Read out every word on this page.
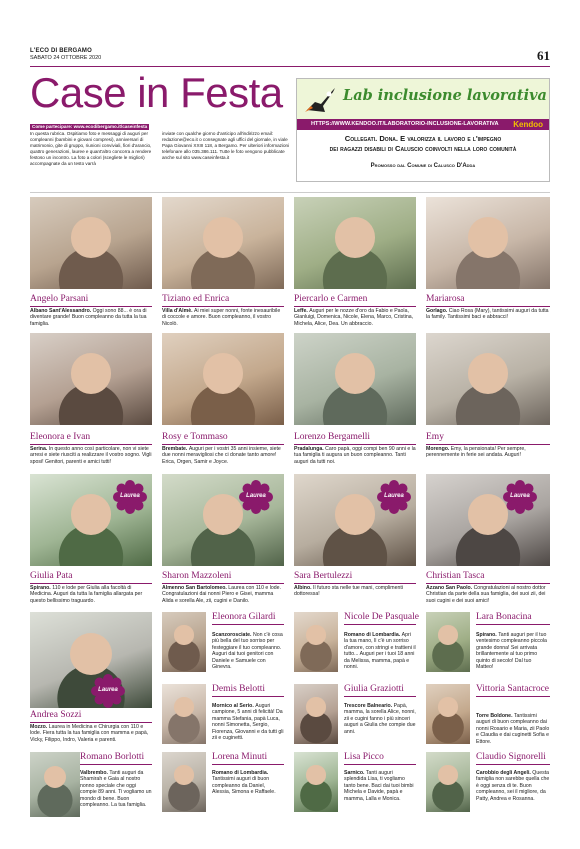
L'ECO DI BERGAMO
SABATO 24 OTTOBRE 2020	61
Case in Festa
Come partecipare: www.ecodibergamo.it/caseinfesta
In questa rubrica. Ospitiamo foto e messaggi di auguri per compleanni (bambini e giovani compresi), anniversari di matrimonio, gite di gruppo, riunioni conviviali, fiori d'arancio, quattro generazioni, lauree e quant'altro concorra a rendere festoso un incontro. La foto a colori (scegliete le migliori) accompagnate da un testo varrà
inviate con qualche giorno d'anticipo all'indirizzo email: redazione@eco.it o consegnate agli uffici del giornale, in viale Papa Giovanni XXIII 118, a Bergamo. Per ulteriori informazioni telefonare allo 035.386.111. Tutte le foto vengono pubblicate anche sul sito www.caseinfesta.it
Lab inclusione lavorativa
HTTPS://WWW.KENDOO.IT/LABORATORIO-INCLUSIONE-LAVORATIVA	Kendoo
Collegati. Dona. E valorizza il lavoro e l'impegno
dei ragazzi disabili di Caluscio coinvolti nella loro comunità
Promosso dal Comune di Calusco D'Adda
Angelo Parsani
Albano Sant'Alessandro. Oggi sono 88... è ora di diventare grande! Buon compleanno da tutta la tua famiglia.
Tiziano ed Enrica
Villa d'Almè. Ai miei super nonni, fonte inesauribile di coccole e amore. Buon compleanno, il vostro Nicolò.
Piercarlo e Carmen
Leffe. Auguri per le nozze d'oro da Fabio e Paola, Gianluigi, Domenica, Nicole, Elena, Marco, Cristina, Michela, Alice, Dea. Un abbraccio.
Mariarosa
Gorlago. Ciao Rosa (Mary), tantissimi auguri da tutta la family. Tantissimi baci e abbracci!
Eleonora e Ivan
Serina. In questo anno così particolare, non vi siete arresi e siete riusciti a realizzare il vostro sogno. Vigli sposi! Genitori, parenti e amici tutti!
Rosy e Tommaso
Brembate. Auguri per i vostri 35 anni insieme, siete due nonni meravigliosi che ci donate tanto amore! Erica, Orgen, Samir e Joyce.
Lorenzo Bergamelli
Pradalunga. Caro papà, oggi compi ben 90 anni e la tua famiglia ti augura un buon compleanno. Tanti auguri da tutti noi.
Emy
Morengo. Emy, la pensionata! Per sempre, perennemente in ferie sei andata. Auguri!
Giulia Pata
Spirano. 110 e lode per Giulia alla facoltà di Medicina. Auguri da tutta la famiglia allargata per questo bellissimo traguardo.
Laurea
Sharon Mazzoleni
Almenno San Bartolomeo. Laurea con 110 e lode. Congratulazioni dai nonni Piero e Gisei, mamma Alida e sorella Ale, zii, cugini e Danilo.
Laurea
Sara Bertulezzi
Albino. Il futuro sta nelle tue mani, complimenti dottoressa!
Laurea
Christian Tasca
Azzano San Paolo. Congratulazioni al nostro dottor Christian da parte della sua famiglia, dei suoi zii, dei suoi cugini e dei suoi amici!
Laurea
Andrea Sozzi
Mozzo. Laurea in Medicina e Chirurgia con 110 e lode. Fiera tutta la tua famiglia con mamma e papà, Vicky, Filippo, Indro, Valeria e parenti.
Laurea
Eleonora Gilardi
Scanzorosciate. Non c'è cosa più bella del tuo sorriso per festeggiare il tuo compleanno. Auguri dai tuoi genitori con Daniele e Samuele con Ginevra.
Nicole De Pasquale
Romano di Lombardia. Apri la tua mano, lì c'è un sorriso d'amore, con stringi e trattieni il tutto... Auguri per i tuoi 18 anni da Melissa, mamma, papà e nonni.
Lara Bonacina
Spirano. Tanti auguri per il tuo ventesimo compleanno piccola grande donna! Sei arrivata brillantemente al tuo primo quinto di secolo! Dal tuo Matteo!
Demis Belotti
Mornico al Serio. Auguri campione, 5 anni di felicità! Da mamma Stefania, papà Luca, nonni Simonetta, Sergio, Fiorenza, Giovanni e da tutti gli zii e cuginetti.
Giulia Graziotti
Trescore Balneario. Papà, mamma, la sorella Alice, nonni, zii e cugini fanno i più sinceri auguri a Giulia che compie due anni.
Vittoria Santacroce
Torre Boldone. Tantissimi auguri di buon compleanno dai nonni Rosario e Maria, zii Paolo e Claudia e dai cuginetti Sofia e Ettore.
Romano Borlotti
Valbrembo. Tanti auguri da Shamirah e Gaia al nostro nonno speciale che oggi compie 89 anni. Ti vogliamo un mondo di bene. Buon compleanno. La tua famiglia.
Lorena Minuti
Romano di Lombardia. Tantissimi auguri di buon compleanno da Daniel, Alessia, Simona e Raffaele.
Lisa Picco
Sarnico. Tanti auguri splendida Lisa, ti vogliamo tanto bene. Baci dai tuoi bimbi Michela e Davide, papà e mamma, Lalla e Monica.
Claudio Signorelli
Carobbio degli Angeli. Questa famiglia non sarebbe quella che è oggi senza di te. Buon compleanno, sei il migliore, da Patty, Andrea e Rosanna.
